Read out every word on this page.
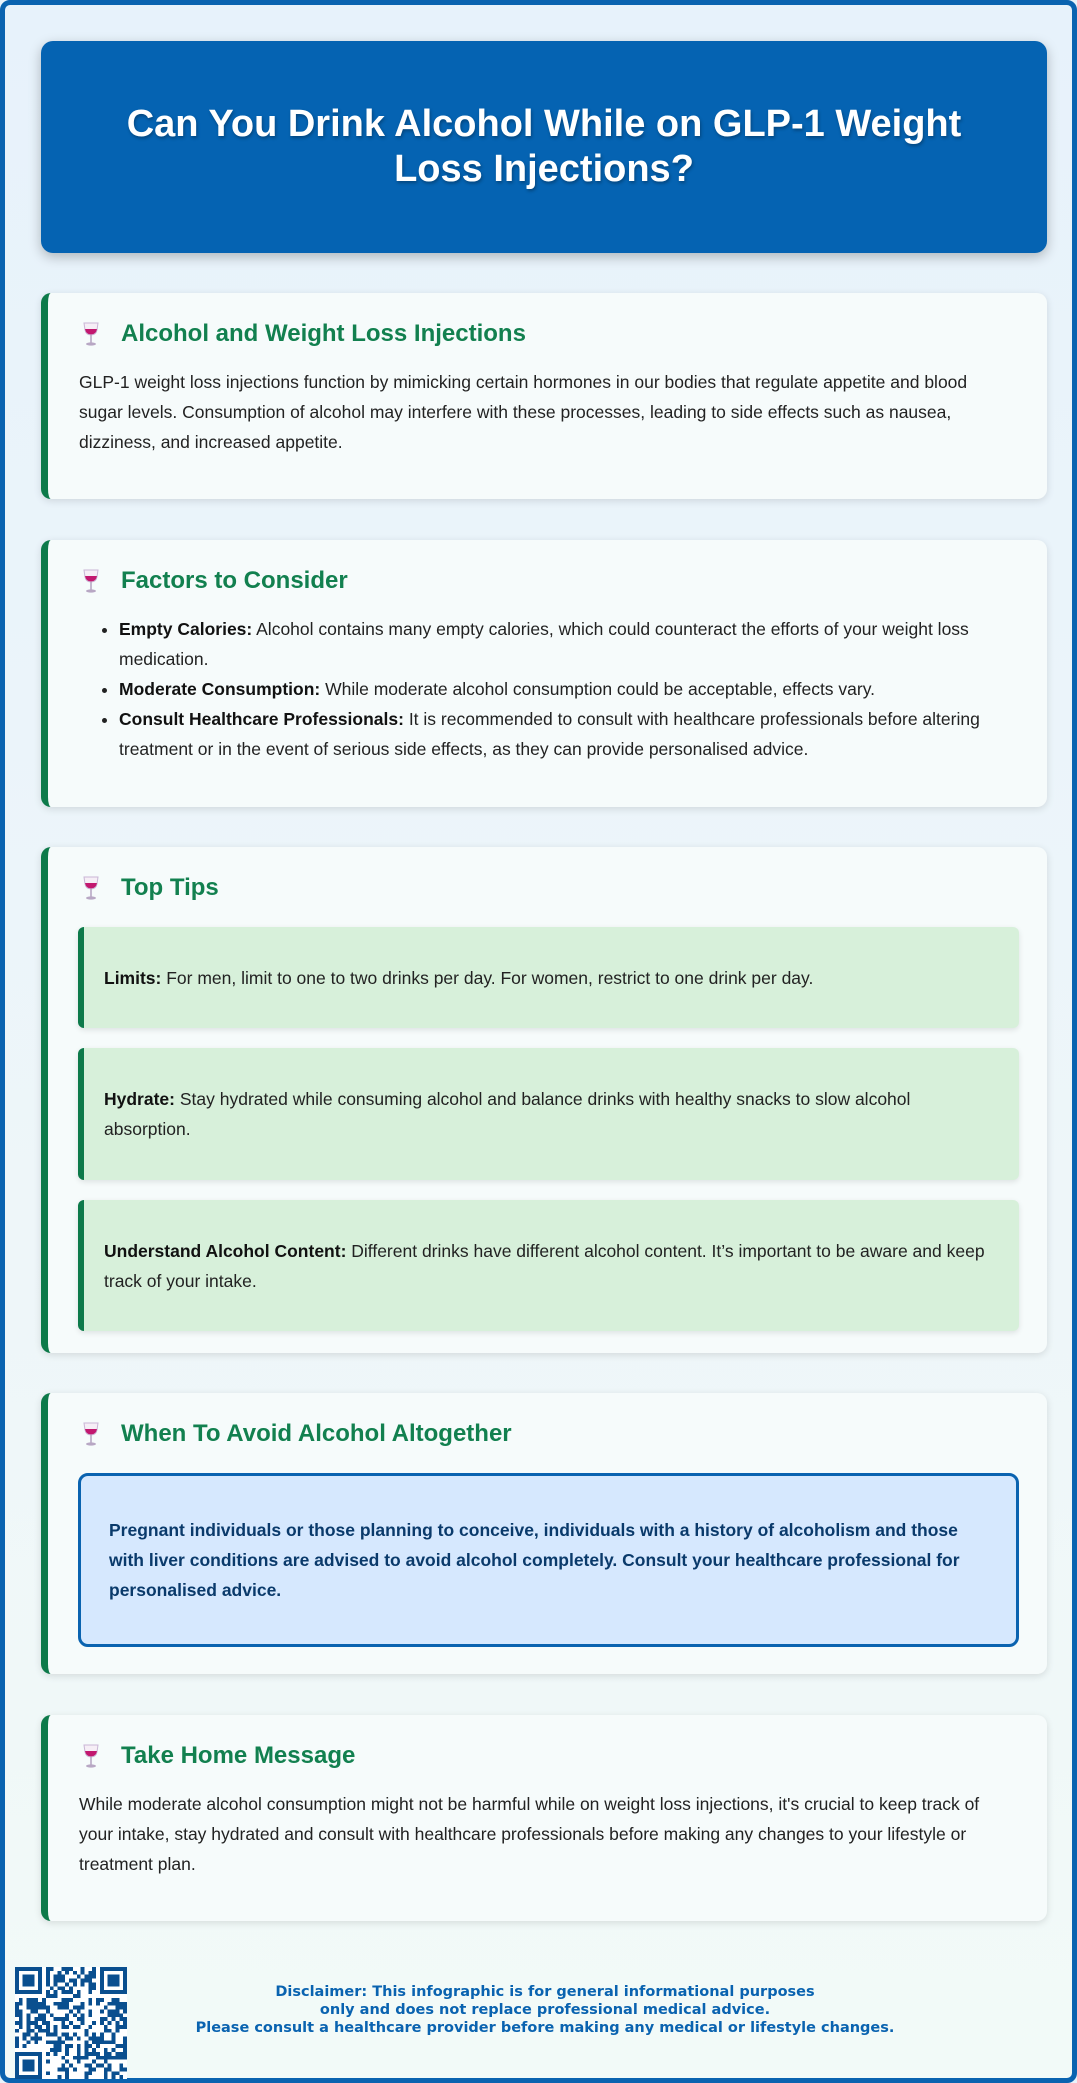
Can You Drink Alcohol While on GLP-1 Weight Loss Injections?
Alcohol and Weight Loss Injections

GLP-1 weight loss injections function by mimicking certain hormones in our bodies that regulate appetite and blood sugar levels. Consumption of alcohol may interfere with these processes, leading to side effects such as nausea, dizziness, and increased appetite.

Factors to Consider
• Empty Calories: Alcohol contains many empty calories, which could counteract the efforts of your weight loss medication.
• Moderate Consumption: While moderate alcohol consumption could be acceptable, effects vary.
• Consult Healthcare Professionals: It is recommended to consult with healthcare professionals before altering treatment or in the event of serious side effects, as they can provide personalised advice.
Top Tips
Limits: For men, limit to one to two drinks per day. For women, restrict to one drink per day.
Hydrate: Stay hydrated while consuming alcohol and balance drinks with healthy snacks to slow alcohol absorption.
Understand Alcohol Content: Different drinks have different alcohol content. It’s important to be aware and keep track of your intake.
When To Avoid Alcohol Altogether
Pregnant individuals or those planning to conceive, individuals with a history of alcoholism and those with liver conditions are advised to avoid alcohol completely. Consult your healthcare professional for personalised advice.
Take Home Message

While moderate alcohol consumption might not be harmful while on weight loss injections, it's crucial to keep track of your intake, stay hydrated and consult with healthcare professionals before making any changes to your lifestyle or treatment plan.

Disclaimer: This infographic is for general informational purposes
only and does not replace professional medical advice.
Please consult a healthcare provider before making any medical or lifestyle changes.
